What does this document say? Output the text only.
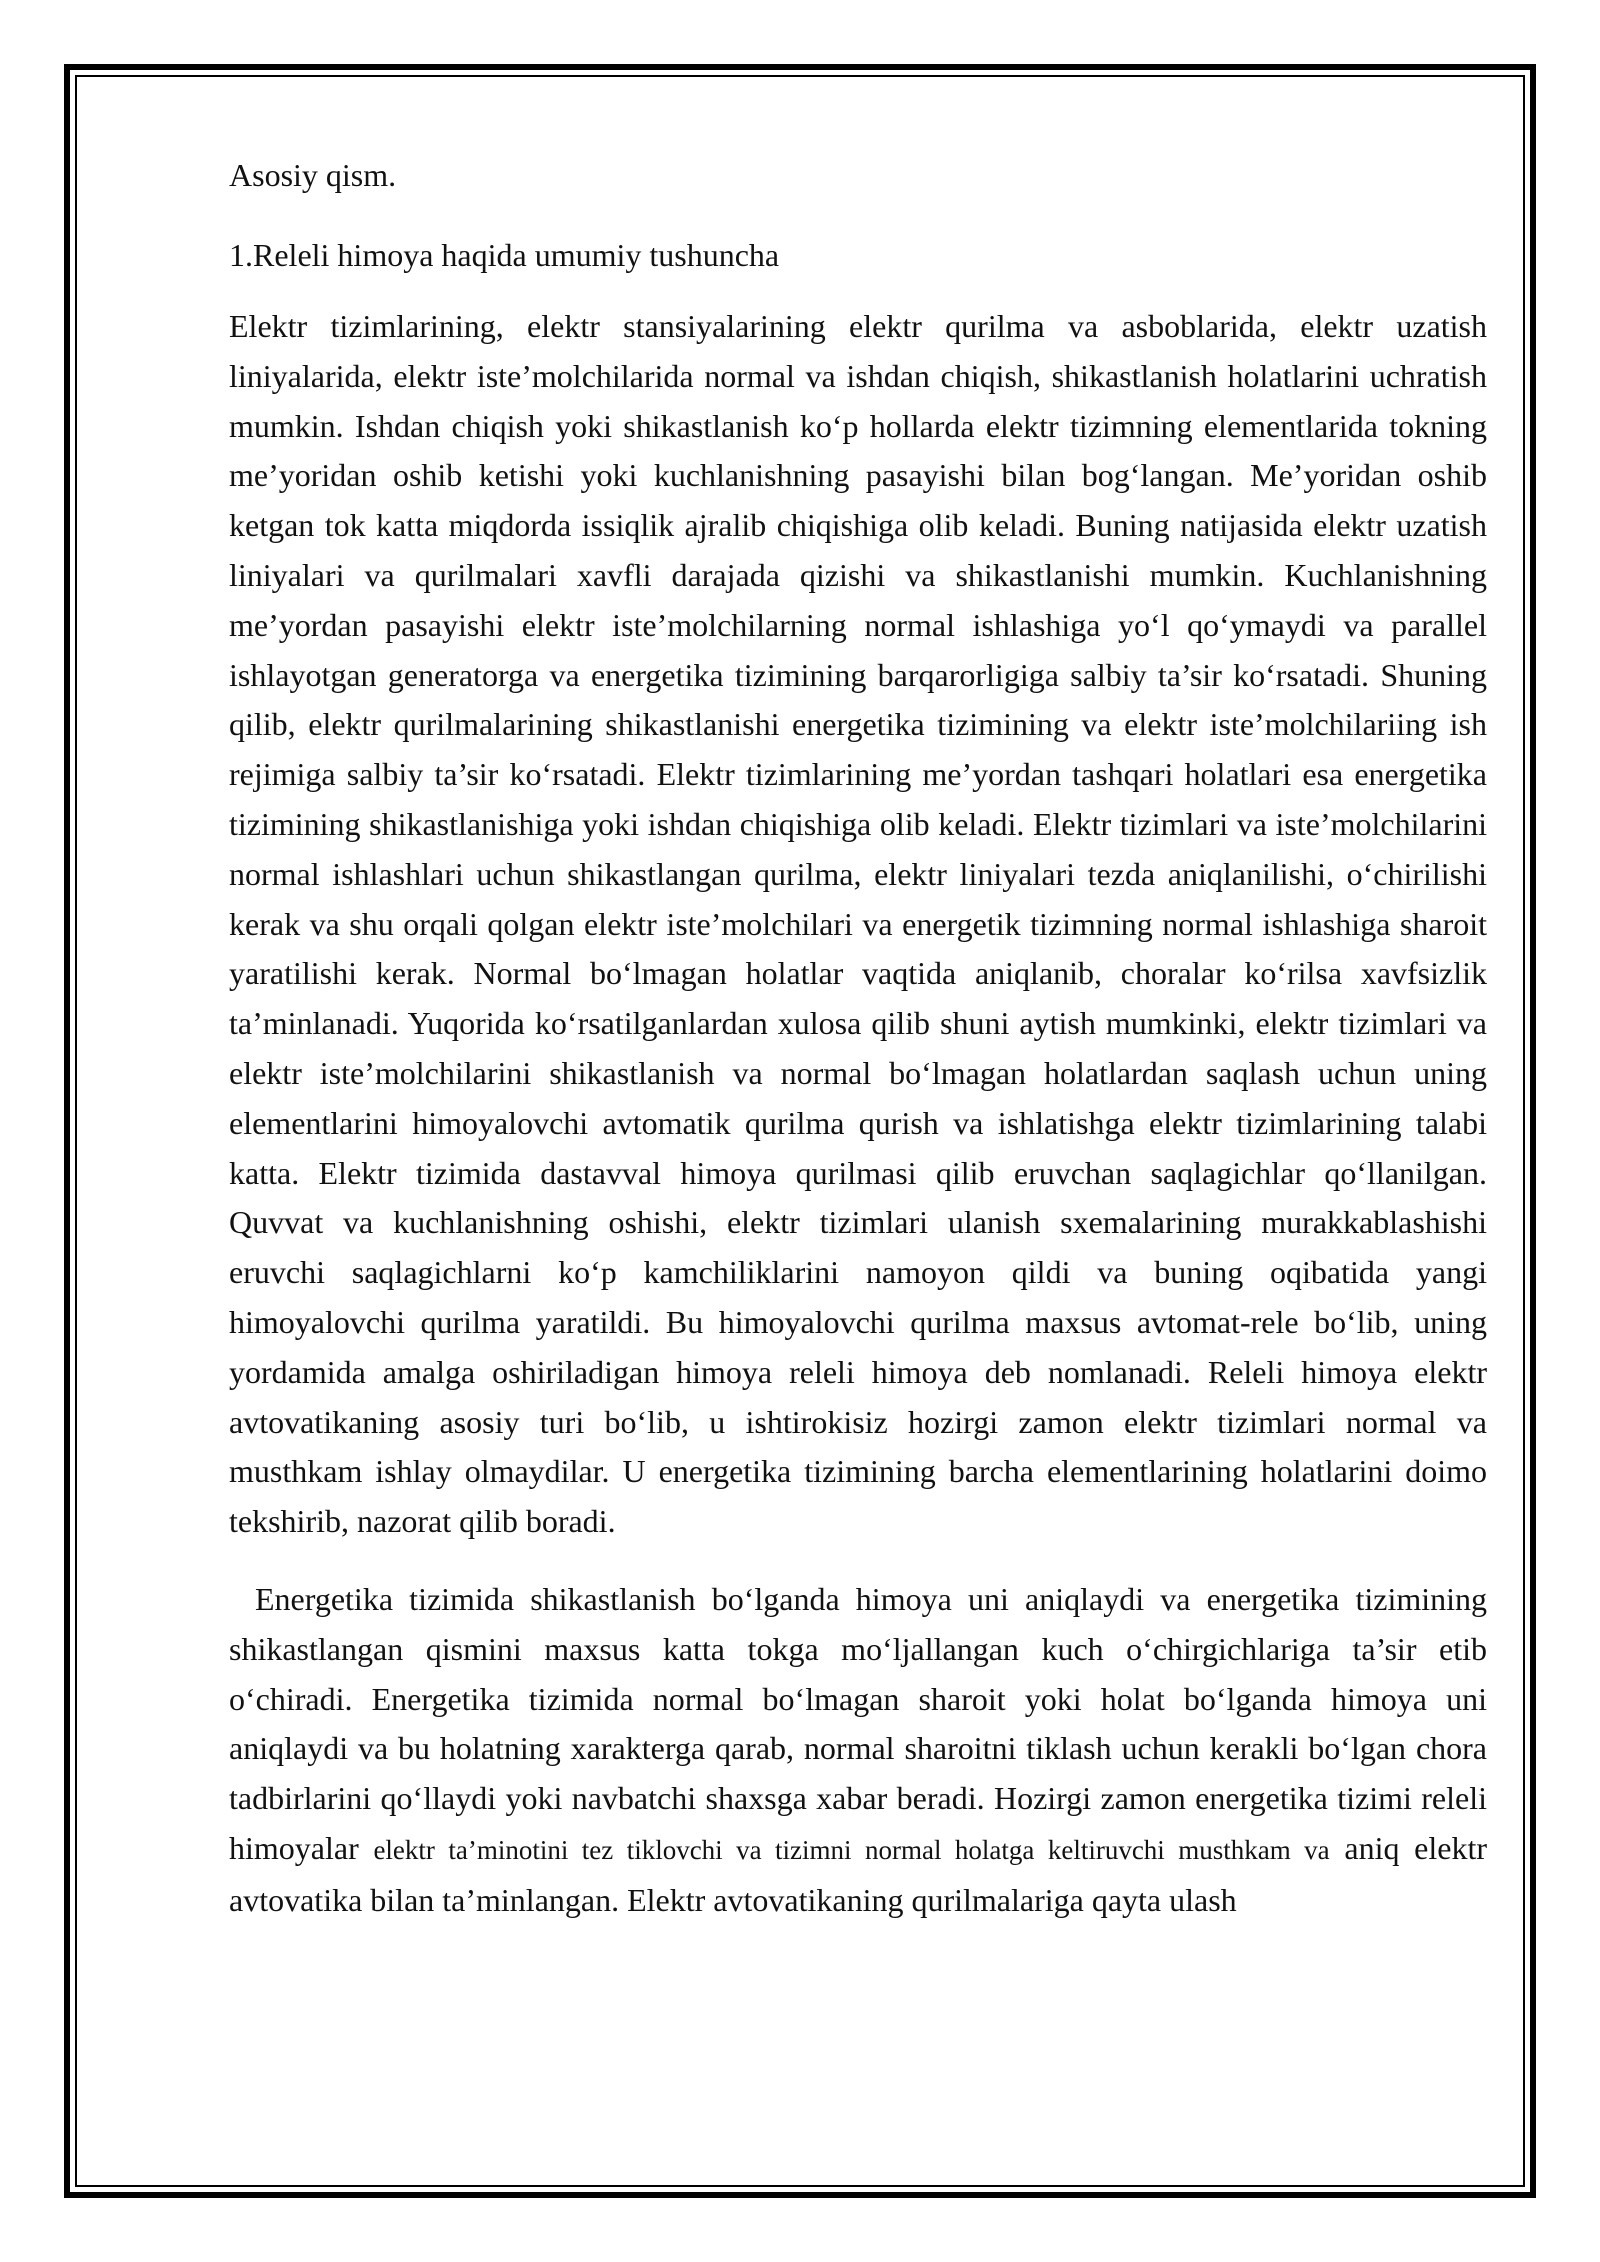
Asosiy qism.

1.Releli himoya haqida umumiy tushuncha

Elektr tizimlarining, elektr stansiyalarining elektr qurilma va asboblarida, elektr uzatish liniyalarida, elektr iste’molchilarida normal va ishdan chiqish, shikastlanish holatlarini uchratish mumkin. Ishdan chiqish yoki shikastlanish ko‘p hollarda elektr tizimning elementlarida tokning me’yoridan oshib ketishi yoki kuchlanishning pasayishi bilan bog‘langan. Me’yoridan oshib ketgan tok katta miqdorda issiqlik ajralib chiqishiga olib keladi. Buning natijasida elektr uzatish liniyalari va qurilmalari xavfli darajada qizishi va shikastlanishi mumkin. Kuchlanishning me’yordan pasayishi elektr iste’molchilarning normal ishlashiga yo‘l qo‘ymaydi va parallel ishlayotgan generatorga va energetika tizimining barqarorligiga salbiy ta’sir ko‘rsatadi. Shuning qilib, elektr qurilmalarining shikastlanishi energetika tizimining va elektr iste’molchilariing ish rejimiga salbiy ta’sir ko‘rsatadi. Elektr tizimlarining me’yordan tashqari holatlari esa energetika tizimining shikastlanishiga yoki ishdan chiqishiga olib keladi. Elektr tizimlari va iste’molchilarini normal ishlashlari uchun shikastlangan qurilma, elektr liniyalari tezda aniqlanilishi, o‘chirilishi kerak va shu orqali qolgan elektr iste’molchilari va energetik tizimning normal ishlashiga sharoit yaratilishi kerak. Normal bo‘lmagan holatlar vaqtida aniqlanib, choralar ko‘rilsa xavfsizlik ta’minlanadi. Yuqorida ko‘rsatilganlardan xulosa qilib shuni aytish mumkinki, elektr tizimlari va elektr iste’molchilarini shikastlanish va normal bo‘lmagan holatlardan saqlash uchun uning elementlarini himoyalovchi avtomatik qurilma qurish va ishlatishga elektr tizimlarining talabi katta. Elektr tizimida dastavval himoya qurilmasi qilib eruvchan saqlagichlar qo‘llanilgan. Quvvat va kuchlanishning oshishi, elektr tizimlari ulanish sxemalarining murakkablashishi eruvchi saqlagichlarni ko‘p kamchiliklarini namoyon qildi va buning oqibatida yangi himoyalovchi qurilma yaratildi. Bu himoyalovchi qurilma maxsus avtomat-rele bo‘lib, uning yordamida amalga oshiriladigan himoya releli himoya deb nomlanadi. Releli himoya elektr avtovatikaning asosiy turi bo‘lib, u ishtirokisiz hozirgi zamon elektr tizimlari normal va musthkam ishlay olmaydilar. U energetika tizimining barcha elementlarining holatlarini doimo tekshirib, nazorat qilib boradi.

Energetika tizimida shikastlanish bo‘lganda himoya uni aniqlaydi va energetika tizimining shikastlangan qismini maxsus katta tokga mo‘ljallangan kuch o‘chirgichlariga ta’sir etib o‘chiradi. Energetika tizimida normal bo‘lmagan sharoit yoki holat bo‘lganda himoya uni aniqlaydi va bu holatning xarakterga qarab, normal sharoitni tiklash uchun kerakli bo‘lgan chora tadbirlarini qo‘llaydi yoki navbatchi shaxsga xabar beradi. Hozirgi zamon energetika tizimi releli himoyalar elektr ta’minotini tez tiklovchi va tizimni normal holatga keltiruvchi musthkam va aniq elektr avtovatika bilan ta’minlangan. Elektr avtovatikaning qurilmalariga qayta ulash
